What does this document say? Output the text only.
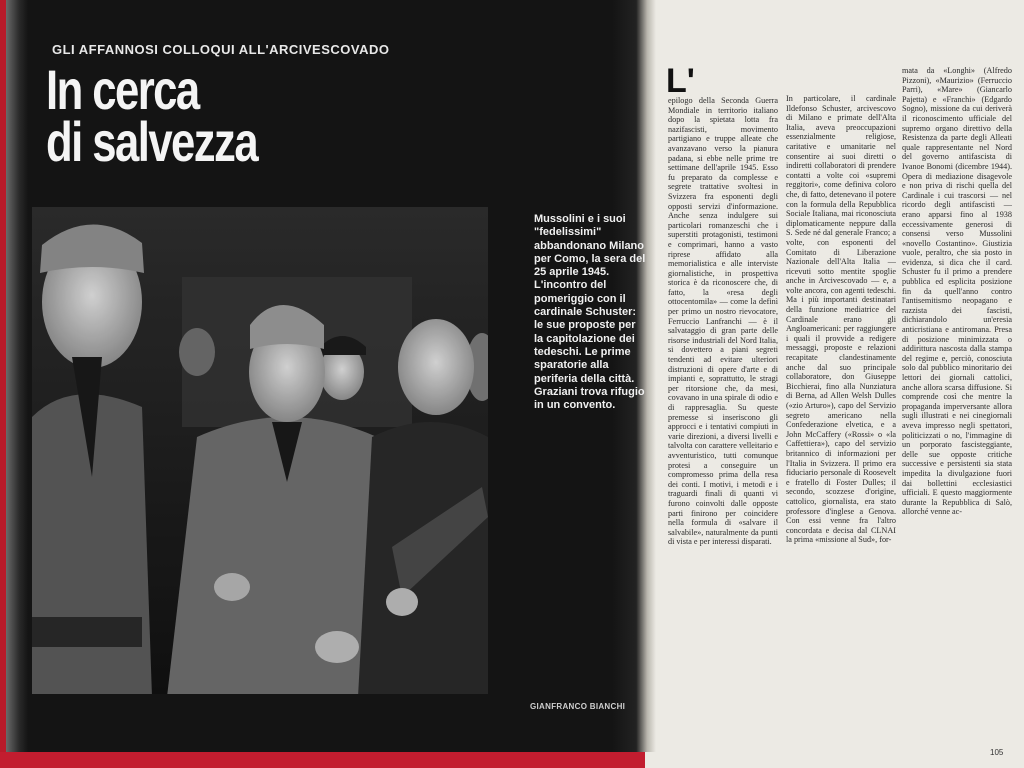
GLI AFFANNOSI COLLOQUI ALL'ARCIVESCOVADO
In cerca
di salvezza
Mussolini e i suoi "fedelissimi" abbandonano Milano per Como, la sera del 25 aprile 1945. L'incontro del pomeriggio con il cardinale Schuster: le sue proposte per la capitolazione dei tedeschi. Le prime sparatorie alla periferia della città. Graziani trova rifugio in un convento.
GIANFRANCO BIANCHI
L'
epilogo della Seconda Guerra Mondiale in territorio italiano dopo la spietata lotta fra nazifascisti, movimento partigiano e truppe alleate che avanzavano verso la pianura padana, si ebbe nelle prime tre settimane dell'aprile 1945. Esso fu preparato da complesse e segrete trattative svoltesi in Svizzera fra esponenti degli opposti servizi d'informazione. Anche senza indulgere sui particolari romanzeschi che i superstiti protagonisti, testimoni e comprimari, hanno a vasto riprese affidato alla memorialistica e alle interviste giornalistiche, in prospettiva storica è da riconoscere che, di fatto, la «resa degli ottocentomila» — come la definì per primo un nostro rievocatore, Ferruccio Lanfranchi — è il salvataggio di gran parte delle risorse industriali del Nord Italia, si dovettero a piani segreti tendenti ad evitare ulteriori distruzioni di opere d'arte e di impianti e, soprattutto, le stragi per ritorsione che, da mesi, covavano in una spirale di odio e di rappresaglia. Su queste premesse si inseriscono gli approcci e i tentativi compiuti in varie direzioni, a diversi livelli e talvolta con carattere velleitario e avventuristico, tutti comunque protesi a conseguire un compromesso prima della resa dei conti. I motivi, i metodi e i traguardi finali di quanti vi furono coinvolti dalle opposte parti finirono per coincidere nella formula di «salvare il salvabile», naturalmente da punti di vista e per interessi disparati.
In particolare, il cardinale Ildefonso Schuster, arcivescovo di Milano e primate dell'Alta Italia, aveva preoccupazioni essenzialmente religiose, caritative e umanitarie nel consentire ai suoi diretti o indiretti collaboratori di prendere contatti a volte coi «supremi reggitori», come definiva coloro che, di fatto, detenevano il potere con la formula della Repubblica Sociale Italiana, mai riconosciuta diplomaticamente neppure dalla S. Sede né dal generale Franco; a volte, con esponenti del Comitato di Liberazione Nazionale dell'Alta Italia — ricevuti sotto mentite spoglie anche in Arcivescovado — e, a volte ancora, con agenti tedeschi. Ma i più importanti destinatari della funzione mediatrice del Cardinale erano gli Angloamericani: per raggiungere i quali il provvide a redigere messaggi, proposte e relazioni recapitate clandestinamente anche dal suo principale collaboratore, don Giuseppe Bicchierai, fino alla Nunziatura di Berna, ad Allen Welsh Dulles («zio Arturo»), capo del Servizio segreto americano nella Confederazione elvetica, e a John McCaffery («Rossi» o «la Caffettiera»), capo del servizio britannico di informazioni per l'Italia in Svizzera. Il primo era fiduciario personale di Roosevelt e fratello di Foster Dulles; il secondo, scozzese d'origine, cattolico, giornalista, era stato professore d'inglese a Genova. Con essi venne fra l'altro concordata e decisa dal CLNAI la prima «missione al Sud», for-
mata da «Longhi» (Alfredo Pizzoni), «Maurizio» (Ferruccio Parri), «Mare» (Giancarlo Pajetta) e «Franchi» (Edgardo Sogno), missione da cui deriverà il riconoscimento ufficiale del supremo organo direttivo della Resistenza da parte degli Alleati quale rappresentante nel Nord del governo antifascista di Ivanoe Bonomi (dicembre 1944). Opera di mediazione disagevole e non priva di rischi quella del Cardinale i cui trascorsi — nel ricordo degli antifascisti — erano apparsi fino al 1938 eccessivamente generosi di consensi verso Mussolini «novello Costantino». Giustizia vuole, peraltro, che sia posto in evidenza, si dica che il card. Schuster fu il primo a prendere pubblica ed esplicita posizione fin da quell'anno contro l'antisemitismo neopagano e razzista dei fascisti, dichiarandolo un'eresia anticristiana e antiromana. Presa di posizione minimizzata o addirittura nascosta dalla stampa del regime e, perciò, conosciuta solo dal pubblico minoritario dei lettori dei giornali cattolici, anche allora scarsa diffusione. Si comprende così che mentre la propaganda imperversante allora sugli illustrati e nei cinegiornali aveva impresso negli spettatori, politicizzati o no, l'immagine di un porporato fascisteggiante, delle sue opposte critiche successive e persistenti sia stata impedita la divulgazione fuori dai bollettini ecclesiastici ufficiali. E questo maggiormente durante la Repubblica di Salò, allorché venne ac-
105
